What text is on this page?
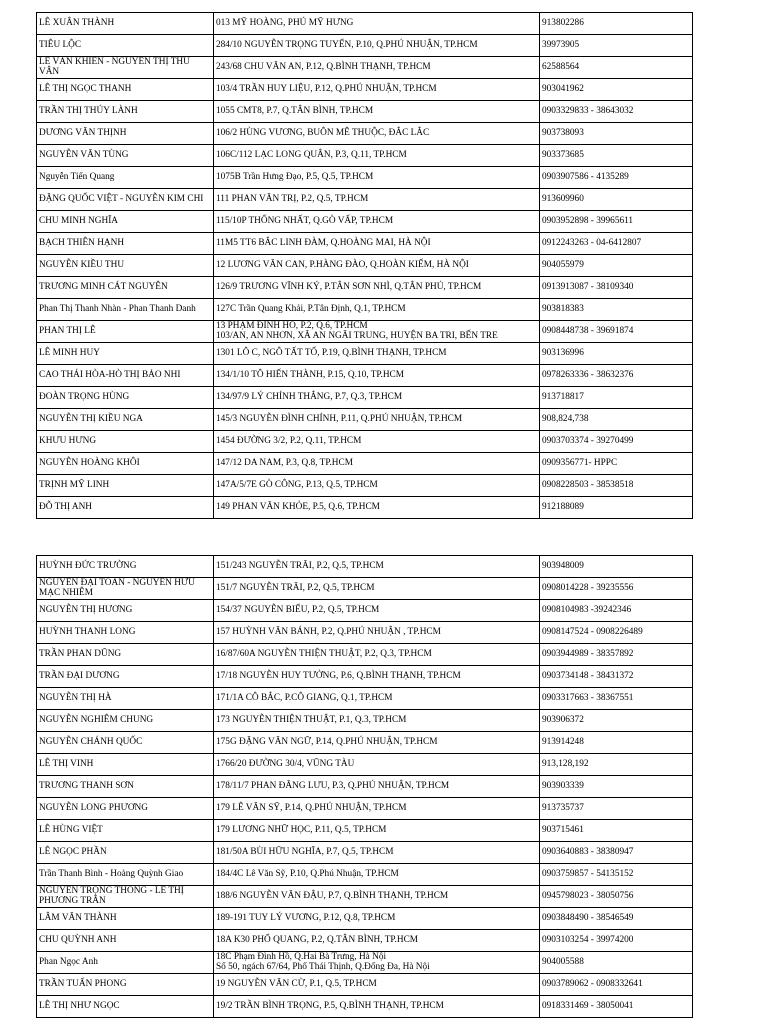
LÊ XUÂN THÀNH	013 MỸ HOÀNG, PHÚ MỸ HƯNG	913802286
TIÊU LỘC	284/10 NGUYỄN TRỌNG TUYỂN, P.10, Q.PHÚ NHUẬN, TP.HCM	39973905
LÊ VĂN KHIÊN - NGUYỄN THỊ THU VÂN	243/68 CHU VĂN AN, P.12, Q.BÌNH THẠNH, TP.HCM	62588564
LÊ THỊ NGỌC THANH	103/4 TRẦN HUY LIỆU, P.12, Q.PHÚ NHUẬN, TP.HCM	903041962
TRẦN THỊ THÚY LÀNH	1055 CMT8, P.7, Q.TÂN BÌNH, TP.HCM	0903329833 - 38643032
DƯƠNG VĂN THỊNH	106/2 HÙNG VƯƠNG, BUÔN MÊ THUỘC, ĐẮC LẮC	903738093
NGUYỄN VĂN TÙNG	106C/112 LẠC LONG QUÂN, P.3, Q.11, TP.HCM	903373685
Nguyễn Tiến Quang	1075B Trần Hưng Đạo, P.5, Q.5, TP.HCM	0903907586 - 4135289
ĐẶNG QUỐC VIỆT - NGUYỄN KIM CHI	111 PHAN VĂN TRỊ, P.2, Q.5, TP.HCM	913609960
CHU MINH NGHĨA	115/10P THỐNG NHẤT, Q.GÒ VẤP, TP.HCM	0903952898 - 39965611
BẠCH THIÊN HẠNH	11M5 TT6 BẮC LINH ĐÀM, Q.HOÀNG MAI, HÀ NỘI	0912243263 - 04-6412807
NGUYỄN KIỀU THU	12 LƯƠNG VĂN CAN, P.HÀNG ĐÀO, Q.HOÀN KIẾM, HÀ NỘI	904055979
TRƯƠNG MINH CÁT NGUYÊN	126/9 TRƯƠNG VĨNH KÝ, P.TÂN SƠN NHÌ, Q.TÂN PHÚ, TP.HCM	0913913087 - 38109340
Phan Thị Thanh Nhàn - Phan Thanh Danh	127C Trần Quang Khải, P.Tân Định, Q.1, TP.HCM	903818383
PHAN THỊ LÊ	13 PHẠM ĐÌNH HỔ, P.2, Q.6, TP.HCM
103/AN, AN NHƠN, XÃ AN NGÃI TRUNG, HUYỆN BA TRI, BẾN TRE	0908448738 - 39691874
LÊ MINH HUY	1301 LÔ C, NGÔ TẤT TỐ, P.19, Q.BÌNH THẠNH, TP.HCM	903136996
CAO THÁI HÒA-HÒ THỊ BẢO NHI	134/1/10 TÔ HIẾN THÀNH, P.15, Q.10, TP.HCM	0978263336 - 38632376
ĐOÀN TRỌNG HÙNG	134/97/9 LÝ CHÍNH THẮNG, P.7, Q.3, TP.HCM	913718817
NGUYỄN THỊ KIỀU NGA	145/3 NGUYỄN ĐÌNH CHÍNH, P.11, Q.PHÚ NHUẬN, TP.HCM	908,824,738
KHƯU HƯNG	1454 ĐƯỜNG 3/2, P.2, Q.11, TP.HCM	0903703374 - 39270499
NGUYỄN HOÀNG KHÔI	147/12 DA NAM, P.3, Q.8, TP.HCM	0909356771- HPPC
TRỊNH MỸ LINH	147A/5/7E GÒ CÔNG, P.13, Q.5, TP.HCM	0908228503 - 38538518
ĐỖ THỊ ANH	149 PHAN VĂN KHỎE, P.5, Q.6, TP.HCM	912188089
HUỲNH ĐỨC TRƯỜNG	151/243 NGUYỄN TRÃI, P.2, Q.5, TP.HCM	903948009
NGUYỄN ĐẠI TOÀN - NGUYỄN HỮU MẠC NHIÊM	151/7 NGUYỄN TRÃI, P.2, Q.5, TP.HCM	0908014228 - 39235556
NGUYỄN THỊ HƯƠNG	154/37 NGUYỄN BIỂU, P.2, Q.5, TP.HCM	0908104983 -39242346
HUỲNH THANH LONG	157 HUỲNH VĂN BÁNH, P.2, Q.PHÚ NHUẬN , TP.HCM	0908147524 - 0908226489
TRẦN PHAN DŨNG	16/87/60A NGUYỄN THIỆN THUẬT, P.2, Q.3, TP.HCM	0903944989 - 38357892
TRẦN ĐẠI DƯƠNG	17/18 NGUYỄN HUY TƯỞNG, P.6, Q.BÌNH THẠNH, TP.HCM	0903734148 - 38431372
NGUYỄN THỊ HÀ	171/1A CÔ BẮC, P.CÔ GIANG, Q.1, TP.HCM	0903317663 - 38367551
NGUYỄN NGHIÊM CHUNG	173 NGUYỄN THIỆN THUẬT, P.1, Q.3, TP.HCM	903906372
NGUYỄN CHÁNH QUỐC	175G ĐẶNG VĂN NGỮ, P.14, Q.PHÚ NHUẬN, TP.HCM	913914248
LÊ THỊ VINH	1766/20 ĐƯỜNG 30/4, VŨNG TÀU	913,128,192
TRƯƠNG THANH SƠN	178/11/7 PHAN ĐĂNG LƯU, P.3, Q.PHÚ NHUẬN, TP.HCM	903903339
NGUYỄN LONG PHƯƠNG	179 LÊ VĂN SỸ, P.14, Q.PHÚ NHUẬN, TP.HCM	913735737
LÊ HÙNG VIỆT	179 LƯƠNG NHỮ HỌC, P.11, Q.5, TP.HCM	903715461
LÊ NGỌC PHẦN	181/50A BÙI HỮU NGHĨA, P.7, Q.5, TP.HCM	0903640883 - 38380947
Trần Thanh Bình - Hoàng Quỳnh Giao	184/4C Lê Văn Sỹ, P.10, Q.Phú Nhuận, TP.HCM	0903759857 - 54135152
NGUYỄN TRỌNG THÔNG - LÊ THỊ PHƯƠNG TRÂN	188/6 NGUYỄN VĂN ĐẬU, P.7, Q.BÌNH THẠNH, TP.HCM	0945798023 - 38050756
LÂM VĂN THÀNH	189-191 TUY LÝ VƯƠNG, P.12, Q.8, TP.HCM	0903848490 - 38546549
CHU QUỲNH ANH	18A K30 PHỔ QUANG, P.2, Q.TÂN BÌNH, TP.HCM	0903103254 - 39974200
Phan Ngọc Anh	18C Phạm Đình Hồ, Q.Hai Bà Trưng, Hà Nội
Số 50, ngách 67/64, Phố Thái Thịnh, Q.Đống Đa, Hà Nội	904005588
TRẦN TUẤN PHONG	19 NGUYỄN VĂN CỪ, P.1, Q.5, TP.HCM	0903789062 - 0908332641
LÊ THỊ NHƯ NGỌC	19/2 TRẦN BÌNH TRỌNG, P.5, Q.BÌNH THẠNH, TP.HCM	0918331469 - 38050041
